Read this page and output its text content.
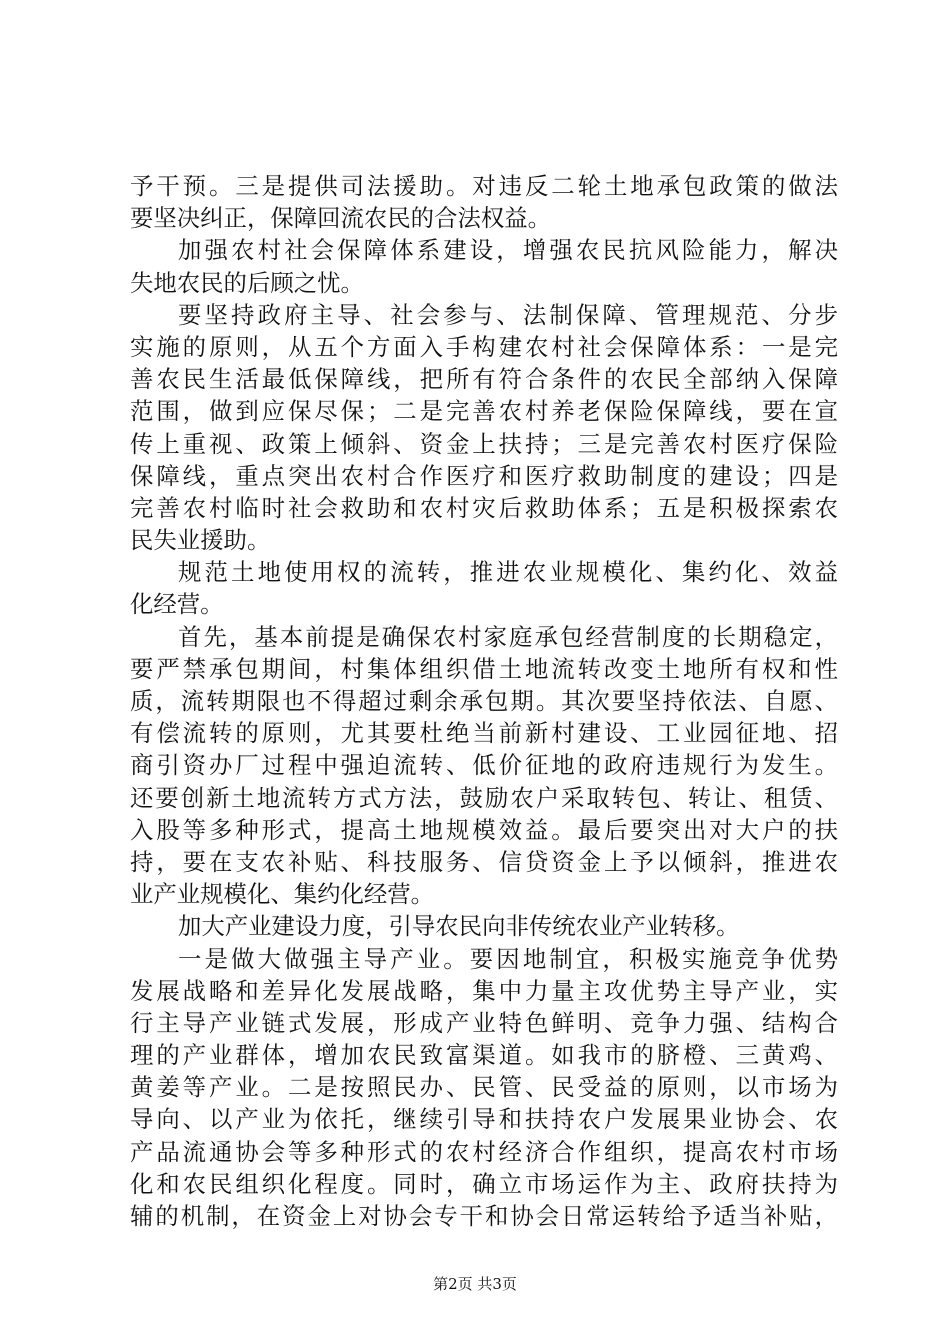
予干预。三是提供司法援助。对违反二轮土地承包政策的做法
要坚决纠正，保障回流农民的合法权益。
加强农村社会保障体系建设，增强农民抗风险能力，解决
失地农民的后顾之忧。
要坚持政府主导、社会参与、法制保障、管理规范、分步
实施的原则，从五个方面入手构建农村社会保障体系：一是完
善农民生活最低保障线，把所有符合条件的农民全部纳入保障
范围，做到应保尽保；二是完善农村养老保险保障线，要在宣
传上重视、政策上倾斜、资金上扶持；三是完善农村医疗保险
保障线，重点突出农村合作医疗和医疗救助制度的建设；四是
完善农村临时社会救助和农村灾后救助体系；五是积极探索农
民失业援助。
规范土地使用权的流转，推进农业规模化、集约化、效益
化经营。
首先，基本前提是确保农村家庭承包经营制度的长期稳定，
要严禁承包期间，村集体组织借土地流转改变土地所有权和性
质，流转期限也不得超过剩余承包期。其次要坚持依法、自愿、
有偿流转的原则，尤其要杜绝当前新村建设、工业园征地、招
商引资办厂过程中强迫流转、低价征地的政府违规行为发生。
还要创新土地流转方式方法，鼓励农户采取转包、转让、租赁、
入股等多种形式，提高土地规模效益。最后要突出对大户的扶
持，要在支农补贴、科技服务、信贷资金上予以倾斜，推进农
业产业规模化、集约化经营。
加大产业建设力度，引导农民向非传统农业产业转移。
一是做大做强主导产业。要因地制宜，积极实施竞争优势
发展战略和差异化发展战略，集中力量主攻优势主导产业，实
行主导产业链式发展，形成产业特色鲜明、竞争力强、结构合
理的产业群体，增加农民致富渠道。如我市的脐橙、三黄鸡、
黄姜等产业。二是按照民办、民管、民受益的原则，以市场为
导向、以产业为依托，继续引导和扶持农户发展果业协会、农
产品流通协会等多种形式的农村经济合作组织，提高农村市场
化和农民组织化程度。同时，确立市场运作为主、政府扶持为
辅的机制，在资金上对协会专干和协会日常运转给予适当补贴，
第2页 共3页
